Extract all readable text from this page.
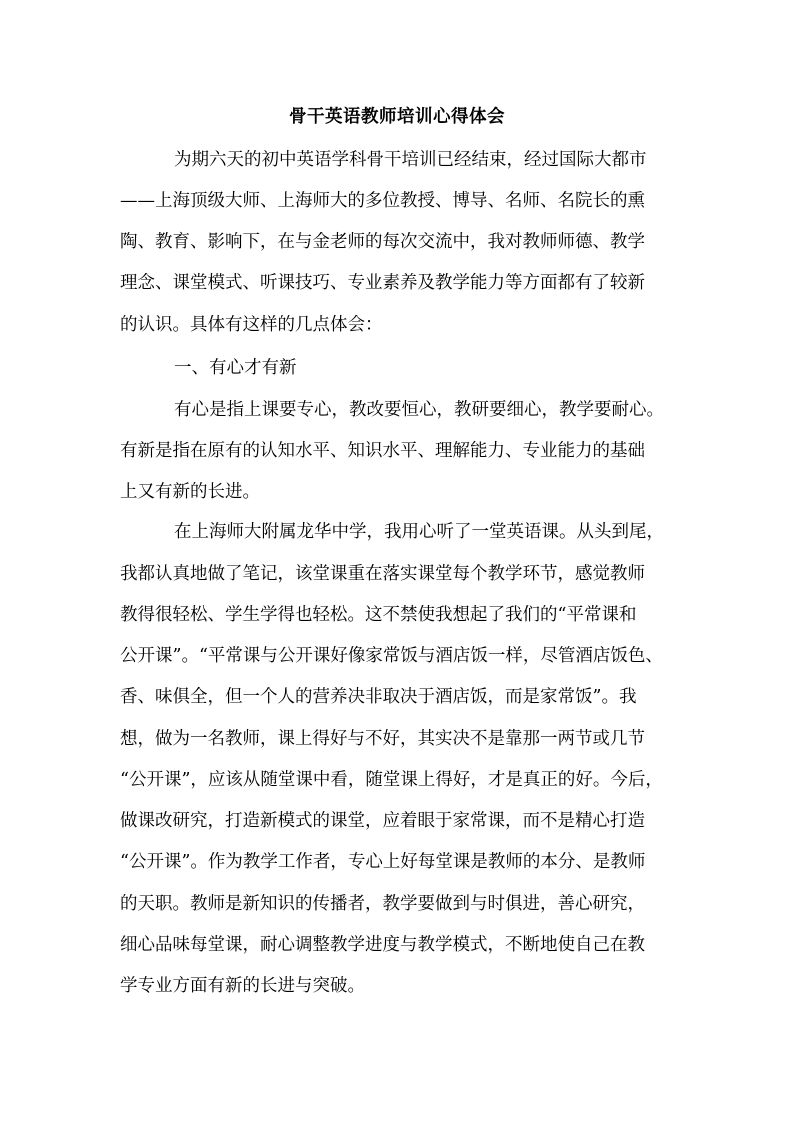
骨干英语教师培训心得体会
为期六天的初中英语学科骨干培训已经结束，经过国际大都市
——上海顶级大师、上海师大的多位教授、博导、名师、名院长的熏
陶、教育、影响下，在与金老师的每次交流中，我对教师师德、教学
理念、课堂模式、听课技巧、专业素养及教学能力等方面都有了较新
的认识。具体有这样的几点体会：
一、有心才有新
有心是指上课要专心，教改要恒心，教研要细心，教学要耐心。
有新是指在原有的认知水平、知识水平、理解能力、专业能力的基础
上又有新的长进。
在上海师大附属龙华中学，我用心听了一堂英语课。从头到尾，
我都认真地做了笔记，该堂课重在落实课堂每个教学环节，感觉教师
教得很轻松、学生学得也轻松。这不禁使我想起了我们的“平常课和
公开课”。“平常课与公开课好像家常饭与酒店饭一样，尽管酒店饭色、
香、味俱全，但一个人的营养决非取决于酒店饭，而是家常饭”。我
想，做为一名教师，课上得好与不好，其实决不是靠那一两节或几节
“公开课”，应该从随堂课中看，随堂课上得好，才是真正的好。今后，
做课改研究，打造新模式的课堂，应着眼于家常课，而不是精心打造
“公开课”。作为教学工作者，专心上好每堂课是教师的本分、是教师
的天职。教师是新知识的传播者，教学要做到与时俱进，善心研究，
细心品味每堂课，耐心调整教学进度与教学模式，不断地使自己在教
学专业方面有新的长进与突破。
